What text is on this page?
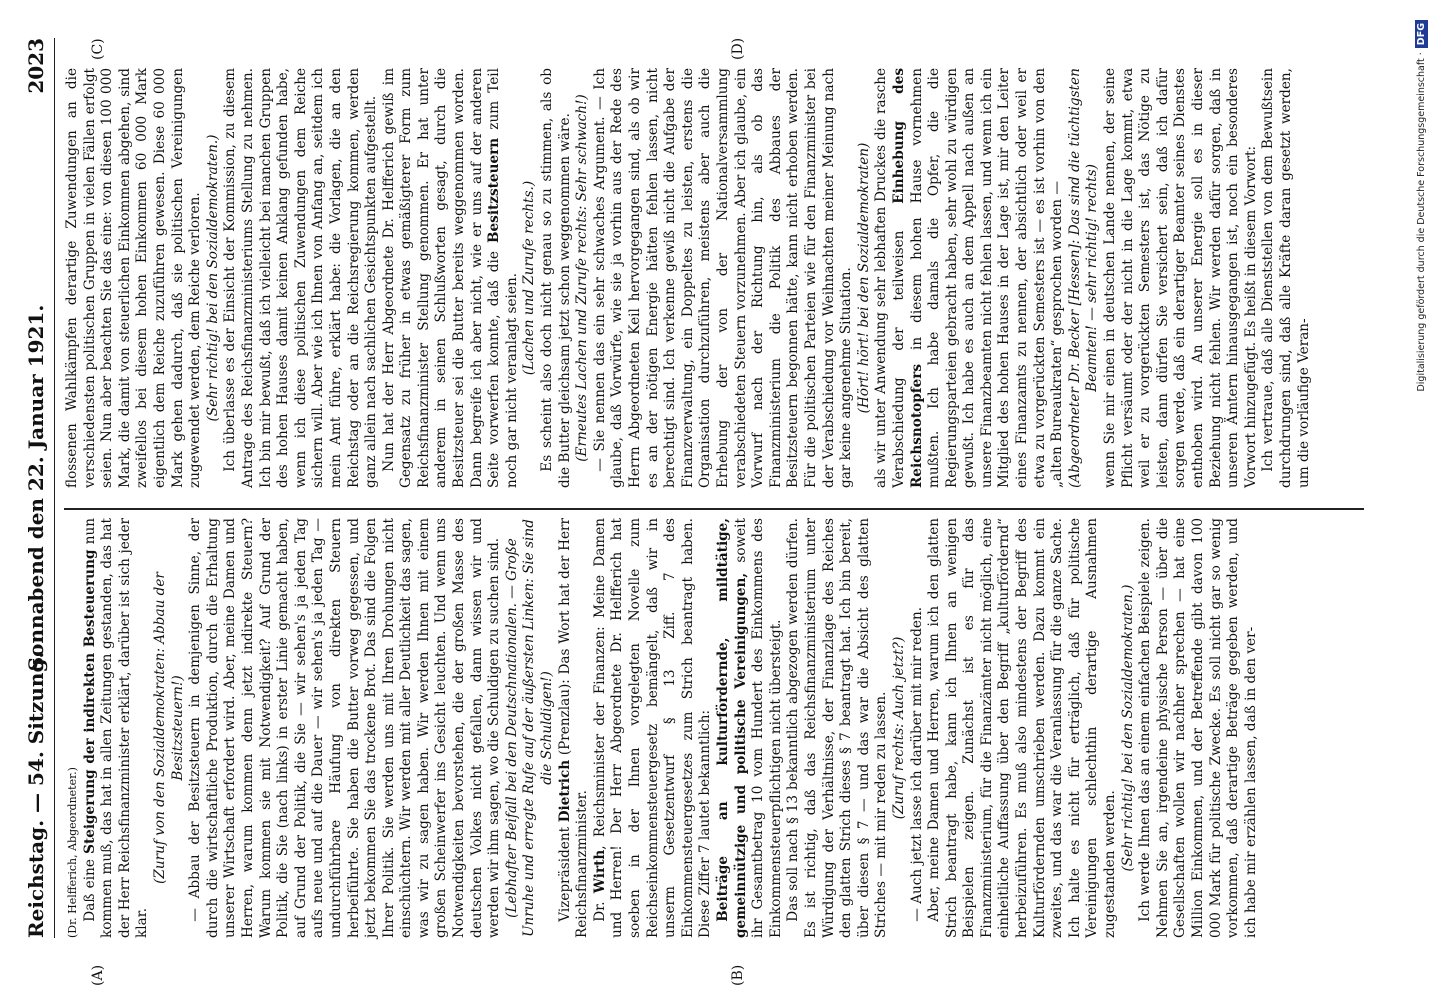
Reichstag. — 54. Sitzung.
Sonnabend den 22. Januar 1921.
2023
(A)	(B)
(C)	(D)

(Dr. Helfferich, Abgeordneter.) Daß eine Steigerung der indirekten Besteuerung nun kommen muß, das hat in allen Zeitungen gestanden, das hat der Herr Reichsfinanzminister erklärt, darüber ist sich jeder klar.

(Zuruf von den Sozialdemokraten: Abbau der Besitzsteuern!) — Abbau der Besitzsteuern in demjenigen Sinne, der durch die wirtschaftliche Produktion, durch die Erhaltung unserer Wirtschaft erfordert wird. Aber, meine Damen und Herren, warum kommen denn jetzt indirekte Steuern? Warum kommen sie mit Notwendigkeit? Auf Grund der Politik, die Sie (nach links) in erster Linie gemacht haben, auf Grund der Politik, die Sie — wir sehen's ja jeden Tag aufs neue und auf die Dauer — wir sehen's ja jeden Tag — undurchführbare Häufung von direkten Steuern herbeiführte. Sie haben die Butter vorweg gegessen, und jetzt bekommen Sie das trockene Brot. Das sind die Folgen Ihrer Politik. Sie werden uns mit Ihren Drohungen nicht einschüchtern. Wir werden mit aller Deutlichkeit das sagen, was wir zu sagen haben. Wir werden Ihnen mit einem großen Scheinwerfer ins Gesicht leuchten. Und wenn uns Notwendigkeiten bevorstehen, die der großen Masse des deutschen Volkes nicht gefallen, dann wissen wir und werden wir ihm sagen, wo die Schuldigen zu suchen sind. (Lebhafter Beifall bei den Deutschnationalen. — Große Unruhe und erregte Rufe auf der äußersten Linken: Sie sind die Schuldigen!)

Vizepräsident Dietrich (Prenzlau): Das Wort hat der Herr Reichsfinanzminister. Dr. Wirth, Reichsminister der Finanzen: Meine Damen und Herren! Der Herr Abgeordnete Dr. Helfferich hat soeben in der Ihnen vorgelegten Novelle zum Reichseinkommensteuergesetz bemängelt, daß wir in unserm Gesetzentwurf § 13 Ziff. 7 des Einkommensteuergesetzes zum Strich beantragt haben. Diese Ziffer 7 lautet bekanntlich: Beiträge an kulturfördernde, mildtätige, gemeinnützige und politische Vereinigungen, soweit ihr Gesamtbetrag 10 vom Hundert des Einkommens des Einkommensteuerpflichtigen nicht übersteigt. Das soll nach § 13 bekanntlich abgezogen werden dürfen. Es ist richtig, daß das Reichsfinanzministerium unter Würdigung der Verhältnisse, der Finanzlage des Reiches den glatten Strich dieses § 7 beantragt hat. Ich bin bereit, über diesen § 7 — und das war die Absicht des glatten Striches — mit mir reden zu lassen. (Zuruf rechts: Auch jetzt?) — Auch jetzt lasse ich darüber mit mir reden. Aber, meine Damen und Herren, warum ich den glatten Strich beantragt habe, kann ich Ihnen an wenigen Beispielen zeigen. Zunächst ist es für das Finanzministerium, für die Finanzämter nicht möglich, eine einheitliche Auffassung über den Begriff „kulturfördernd“ herbeizuführen. Es muß also mindestens der Begriff des Kulturfördernden umschrieben werden. Dazu kommt ein zweites, und das war die Veranlassung für die ganze Sache. Ich halte es nicht für erträglich, daß für politische Vereinigungen schlechthin derartige Ausnahmen zugestanden werden. (Sehr richtig! bei den Sozialdemokraten.) Ich werde Ihnen das an einem einfachen Beispiele zeigen. Nehmen Sie an, irgendeine physische Person — über die Gesellschaften wollen wir nachher sprechen — hat eine Million Einkommen, und der Betreffende gibt davon 100 000 Mark für politische Zwecke. Es soll nicht gar so wenig vorkommen, daß derartige Beträge gegeben werden, und ich habe mir erzählen lassen, daß in den ver-

flossenen Wahlkämpfen derartige Zuwendungen an die verschiedensten politischen Gruppen in vielen Fällen erfolgt seien. Nun aber beachten Sie das eine: von diesen 100 000 Mark, die damit von steuerlichen Einkommen abgehen, sind zweifellos bei diesem hohen Einkommen 60 000 Mark eigentlich dem Reiche zuzuführen gewesen. Diese 60 000 Mark gehen dadurch, daß sie politischen Vereinigungen zugewendet werden, dem Reiche verloren. (Sehr richtig! bei den Sozialdemokraten.) Ich überlasse es der Einsicht der Kommission, zu diesem Antrage des Reichsfinanzministeriums Stellung zu nehmen. Ich bin mir bewußt, daß ich vielleicht bei manchen Gruppen des hohen Hauses damit keinen Anklang gefunden habe, wenn ich diese politischen Zuwendungen dem Reiche sichern will. Aber wie ich Ihnen von Anfang an, seitdem ich mein Amt führe, erklärt habe: die Vorlagen, die an den Reichstag oder an die Reichsregierung kommen, werden ganz allein nach sachlichen Gesichtspunkten aufgestellt. Nun hat der Herr Abgeordnete Dr. Helfferich gewiß im Gegensatz zu früher in etwas gemäßigterer Form zum Reichsfinanzminister Stellung genommen. Er hat unter anderem in seinen Schlußworten gesagt, durch die Besitzsteuer sei die Butter bereits weggenommen worden. Dann begreife ich aber nicht, wie er uns auf der anderen Seite vorwerfen konnte, daß die Besitzsteuern zum Teil noch gar nicht veranlagt seien. (Lachen und Zurufe rechts.) Es scheint also doch nicht genau so zu stimmen, als ob die Butter gleichsam jetzt schon weggenommen wäre. (Erneutes Lachen und Zurufe rechts: Sehr schwach!) — Sie nennen das ein sehr schwaches Argument. — Ich glaube, daß Vorwürfe, wie sie ja vorhin aus der Rede des Herrn Abgeordneten Keil hervorgegangen sind, als ob wir es an der nötigen Energie hätten fehlen lassen, nicht berechtigt sind. Ich verkenne gewiß nicht die Aufgabe der Finanzverwaltung, ein Doppeltes zu leisten, erstens die Organisation durchzuführen, meistens aber auch die Erhebung der von der Nationalversammlung verabschiedeten Steuern vorzunehmen. Aber ich glaube, ein Vorwurf nach der Richtung hin, als ob das Finanzministerium die Politik des Abbaues der Besitzsteuern begonnen hätte, kann nicht erhoben werden. Für die politischen Parteien wie für den Finanzminister bei der Verabschiedung vor Weihnachten meiner Meinung nach gar keine angenehme Situation. (Hört! hört! bei den Sozialdemokraten) als wir unter Anwendung sehr lebhaften Druckes die rasche Verabschiedung der teilweisen Einhebung des Reichsnotopfers in diesem hohen Hause vornehmen mußten. Ich habe damals die Opfer, die die Regierungsparteien gebracht haben, sehr wohl zu würdigen gewußt. Ich habe es auch an dem Appell nach außen an unsere Finanzbeamten nicht fehlen lassen, und wenn ich ein Mitglied des hohen Hauses in der Lage ist, mir den Leiter eines Finanzamts zu nennen, der absichtlich oder weil er etwa zu vorgerückten Semesters ist — es ist vorhin von den „alten Bureaukraten“ gesprochen worden — (Abgeordneter Dr. Becker [Hessen]: Das sind die tüchtigsten Beamten! — sehr richtig! rechts) wenn Sie mir einen in deutschen Lande nennen, der seine Pflicht versäumt oder der nicht in die Lage kommt, etwa weil er zu vorgerückten Semesters ist, das Nötige zu leisten, dann dürfen Sie versichert sein, daß ich dafür sorgen werde, daß ein derartiger Beamter seines Dienstes enthoben wird. An unserer Energie soll es in dieser Beziehung nicht fehlen. Wir werden dafür sorgen, daß in unseren Ämtern hinausgegangen ist, noch ein besonderes Vorwort hinzugefügt. Es heißt in diesem Vorwort: Ich vertraue, daß alle Dienststellen von dem Bewußtsein durchdrungen sind, daß alle Kräfte daran gesetzt werden, um die vorläufige Veran-

Digitalisierung gefördert durch die Deutsche Forschungsgemeinschaft ·DFG
